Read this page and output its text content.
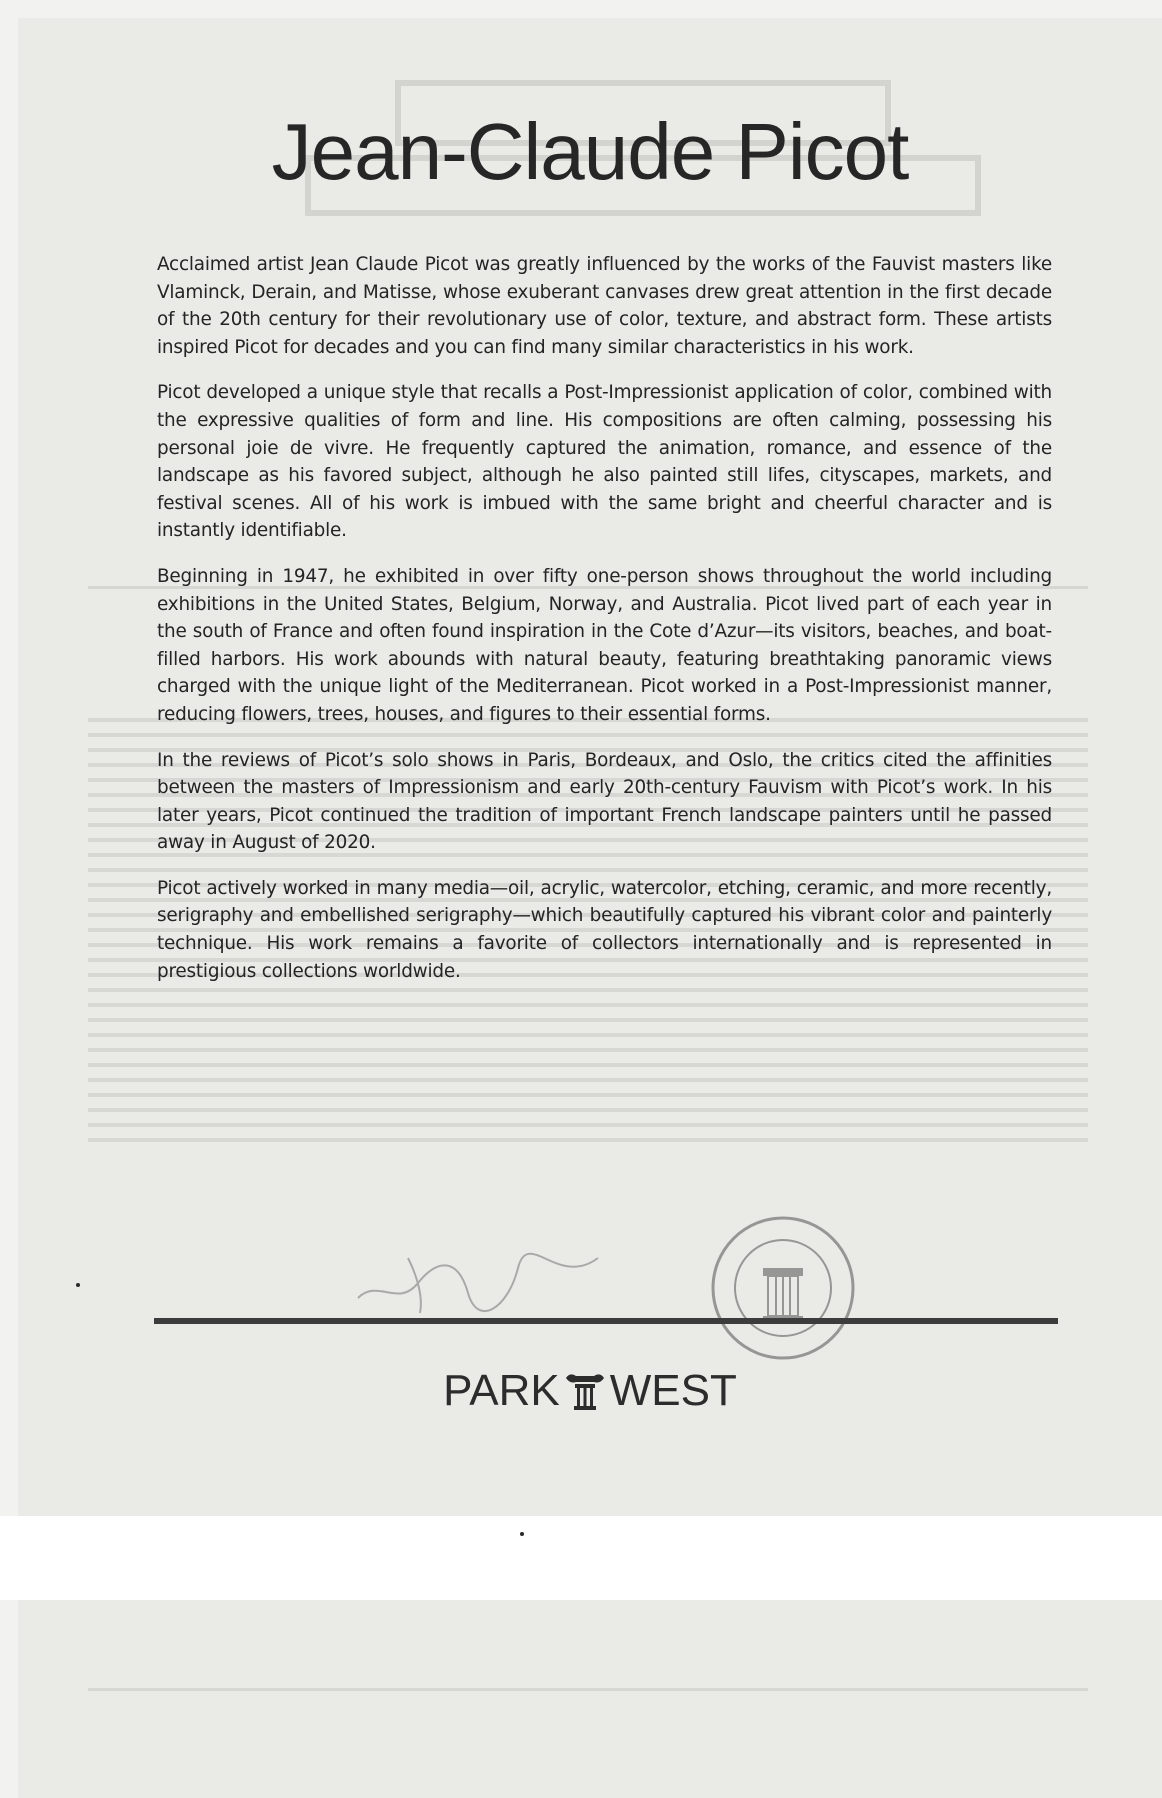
Jean-Claude Picot

Acclaimed artist Jean Claude Picot was greatly influenced by the works of the Fauvist masters like Vlaminck, Derain, and Matisse, whose exuberant canvases drew great attention in the first decade of the 20th century for their revolutionary use of color, texture, and abstract form. These artists inspired Picot for decades and you can find many similar characteristics in his work.

Picot developed a unique style that recalls a Post-Impressionist application of color, combined with the expressive qualities of form and line. His compositions are often calming, possessing his personal joie de vivre. He frequently captured the animation, romance, and essence of the landscape as his favored subject, although he also painted still lifes, cityscapes, markets, and festival scenes. All of his work is imbued with the same bright and cheerful character and is instantly identifiable.

Beginning in 1947, he exhibited in over fifty one-person shows throughout the world including exhibitions in the United States, Belgium, Norway, and Australia. Picot lived part of each year in the south of France and often found inspiration in the Cote d’Azur—its visitors, beaches, and boat-filled harbors. His work abounds with natural beauty, featuring breathtaking panoramic views charged with the unique light of the Mediterranean. Picot worked in a Post-Impressionist manner, reducing flowers, trees, houses, and figures to their essential forms.

In the reviews of Picot’s solo shows in Paris, Bordeaux, and Oslo, the critics cited the affinities between the masters of Impressionism and early 20th-century Fauvism with Picot’s work. In his later years, Picot continued the tradition of important French landscape painters until he passed away in August of 2020.

Picot actively worked in many media—oil, acrylic, watercolor, etching, ceramic, and more recently, serigraphy and embellished serigraphy—which beautifully captured his vibrant color and painterly technique. His work remains a favorite of collectors internationally and is represented in prestigious collections worldwide.

PARK WEST
